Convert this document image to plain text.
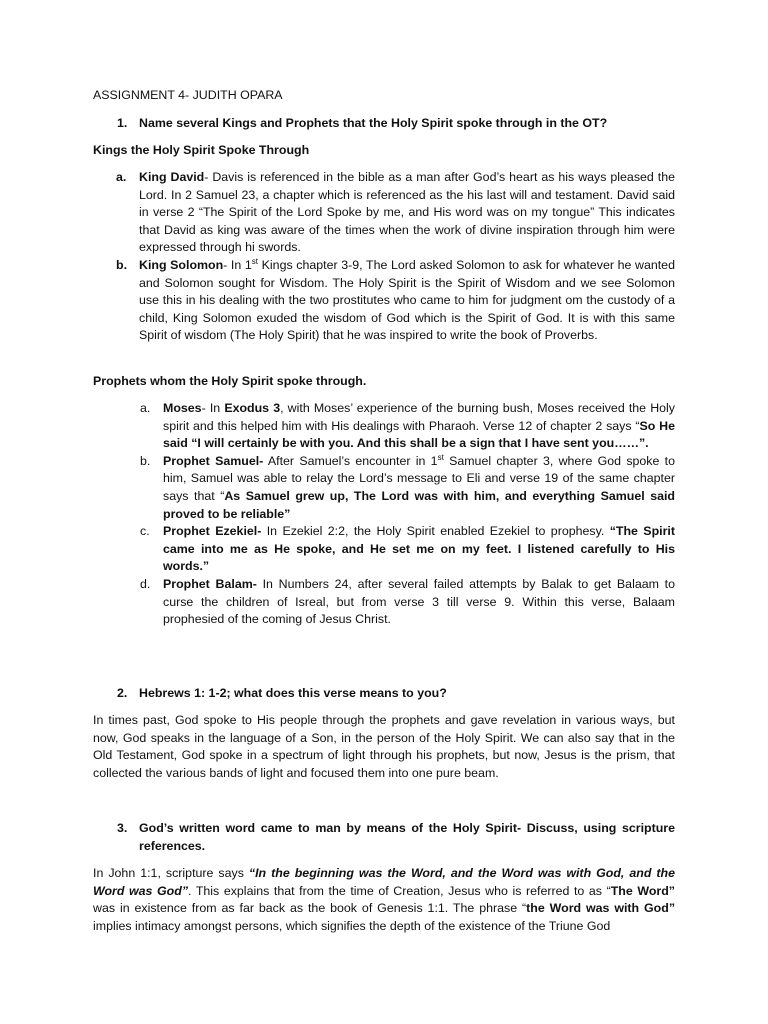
ASSIGNMENT 4- JUDITH OPARA
1. Name several Kings and Prophets that the Holy Spirit spoke through in the OT?
Kings the Holy Spirit Spoke Through
a. King David- Davis is referenced in the bible as a man after God’s heart as his ways pleased the Lord. In 2 Samuel 23, a chapter which is referenced as the his last will and testament. David said in verse 2 “The Spirit of the Lord Spoke by me, and His word was on my tongue” This indicates that David as king was aware of the times when the work of divine inspiration through him were expressed through hi swords.
b. King Solomon- In 1st Kings chapter 3-9, The Lord asked Solomon to ask for whatever he wanted and Solomon sought for Wisdom. The Holy Spirit is the Spirit of Wisdom and we see Solomon use this in his dealing with the two prostitutes who came to him for judgment om the custody of a child, King Solomon exuded the wisdom of God which is the Spirit of God. It is with this same Spirit of wisdom (The Holy Spirit) that he was inspired to write the book of Proverbs.
Prophets whom the Holy Spirit spoke through.
a. Moses- In Exodus 3, with Moses’ experience of the burning bush, Moses received the Holy spirit and this helped him with His dealings with Pharaoh. Verse 12 of chapter 2 says “So He said “I will certainly be with you. And this shall be a sign that I have sent you……”.
b. Prophet Samuel- After Samuel’s encounter in 1st Samuel chapter 3, where God spoke to him, Samuel was able to relay the Lord’s message to Eli and verse 19 of the same chapter says that “As Samuel grew up, The Lord was with him, and everything Samuel said proved to be reliable”
c. Prophet Ezekiel- In Ezekiel 2:2, the Holy Spirit enabled Ezekiel to prophesy. “The Spirit came into me as He spoke, and He set me on my feet. I listened carefully to His words.”
d. Prophet Balam- In Numbers 24, after several failed attempts by Balak to get Balaam to curse the children of Isreal, but from verse 3 till verse 9. Within this verse, Balaam prophesied of the coming of Jesus Christ.
2. Hebrews 1: 1-2; what does this verse means to you?

In times past, God spoke to His people through the prophets and gave revelation in various ways, but now, God speaks in the language of a Son, in the person of the Holy Spirit. We can also say that in the Old Testament, God spoke in a spectrum of light through his prophets, but now, Jesus is the prism, that collected the various bands of light and focused them into one pure beam.

3. God’s written word came to man by means of the Holy Spirit- Discuss, using scripture references.

In John 1:1, scripture says “In the beginning was the Word, and the Word was with God, and the Word was God”. This explains that from the time of Creation, Jesus who is referred to as “The Word” was in existence from as far back as the book of Genesis 1:1. The phrase “the Word was with God” implies intimacy amongst persons, which signifies the depth of the existence of the Triune God
